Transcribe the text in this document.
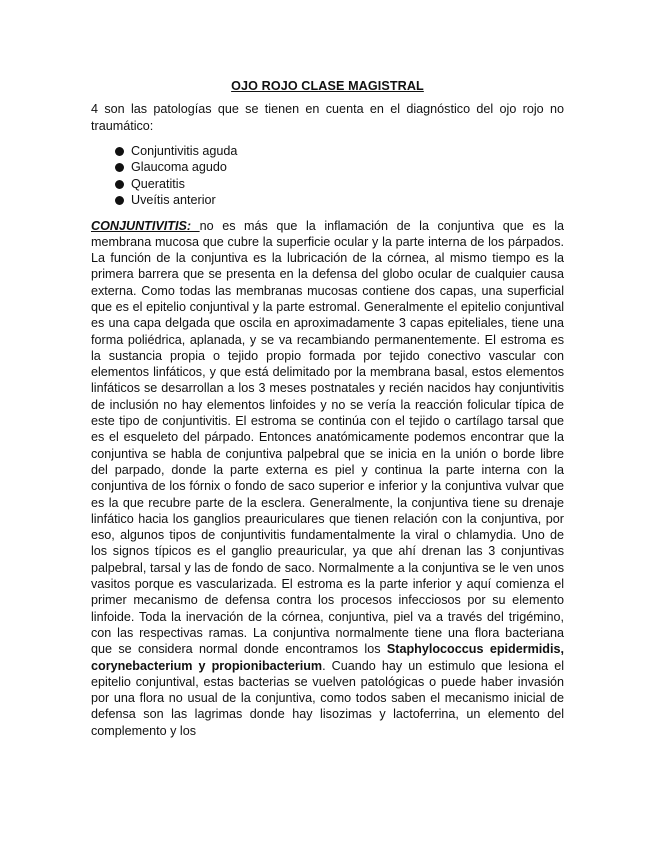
OJO ROJO CLASE MAGISTRAL

4 son las patologías que se tienen en cuenta en el diagnóstico del ojo rojo no traumático:

Conjuntivitis aguda
Glaucoma agudo
Queratitis
Uveítis anterior

CONJUNTIVITIS: no es más que la inflamación de la conjuntiva que es la membrana mucosa que cubre la superficie ocular y la parte interna de los párpados. La función de la conjuntiva es la lubricación de la córnea, al mismo tiempo es la primera barrera que se presenta en la defensa del globo ocular de cualquier causa externa. Como todas las membranas mucosas contiene dos capas, una superficial que es el epitelio conjuntival y la parte estromal. Generalmente el epitelio conjuntival es una capa delgada que oscila en aproximadamente 3 capas epiteliales, tiene una forma poliédrica, aplanada, y se va recambiando permanentemente. El estroma es la sustancia propia o tejido propio formada por tejido conectivo vascular con elementos linfáticos, y que está delimitado por la membrana basal, estos elementos linfáticos se desarrollan a los 3 meses postnatales y recién nacidos hay conjuntivitis de inclusión no hay elementos linfoides y no se vería la reacción folicular típica de este tipo de conjuntivitis. El estroma se continúa con el tejido o cartílago tarsal que es el esqueleto del párpado. Entonces anatómicamente podemos encontrar que la conjuntiva se habla de conjuntiva palpebral que se inicia en la unión o borde libre del parpado, donde la parte externa es piel y continua la parte interna con la conjuntiva de los fórnix o fondo de saco superior e inferior y la conjuntiva vulvar que es la que recubre parte de la esclera. Generalmente, la conjuntiva tiene su drenaje linfático hacia los ganglios preauriculares que tienen relación con la conjuntiva, por eso, algunos tipos de conjuntivitis fundamentalmente la viral o chlamydia. Uno de los signos típicos es el ganglio preauricular, ya que ahí drenan las 3 conjuntivas palpebral, tarsal y las de fondo de saco. Normalmente a la conjuntiva se le ven unos vasitos porque es vascularizada. El estroma es la parte inferior y aquí comienza el primer mecanismo de defensa contra los procesos infecciosos por su elemento linfoide. Toda la inervación de la córnea, conjuntiva, piel va a través del trigémino, con las respectivas ramas. La conjuntiva normalmente tiene una flora bacteriana que se considera normal donde encontramos los Staphylococcus epidermidis, corynebacterium y propionibacterium. Cuando hay un estimulo que lesiona el epitelio conjuntival, estas bacterias se vuelven patológicas o puede haber invasión por una flora no usual de la conjuntiva, como todos saben el mecanismo inicial de defensa son las lagrimas donde hay lisozimas y lactoferrina, un elemento del complemento y los
